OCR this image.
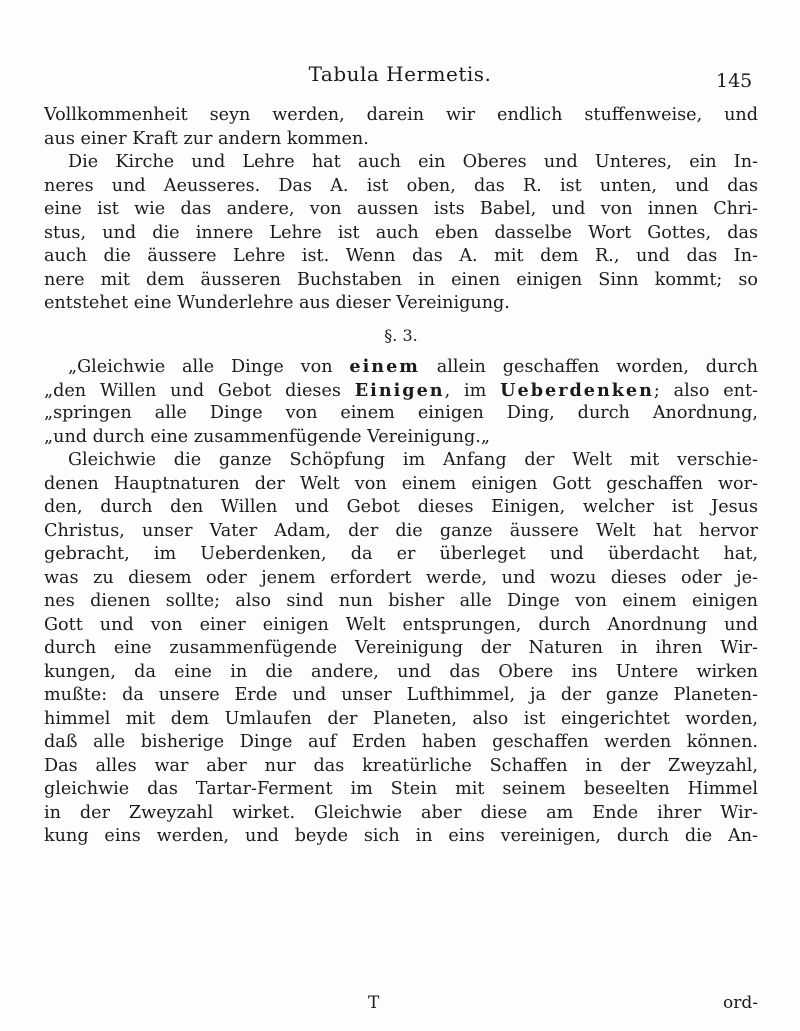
Tabula Hermetis.	145
Vollkommenheit seyn werden, darein wir endlich stuffenweise, und
aus einer Kraft zur andern kommen.
Die Kirche und Lehre hat auch ein Oberes und Unteres, ein In-
neres und Aeusseres. Das A. ist oben, das R. ist unten, und das
eine ist wie das andere, von aussen ists Babel, und von innen Chri-
stus, und die innere Lehre ist auch eben dasselbe Wort Gottes, das
auch die äussere Lehre ist. Wenn das A. mit dem R., und das In-
nere mit dem äusseren Buchstaben in einen einigen Sinn kommt; so
entstehet eine Wunderlehre aus dieser Vereinigung.
§. 3.
„Gleichwie alle Dinge von einem allein geschaffen worden, durch
„den Willen und Gebot dieses Einigen, im Ueberdenken; also ent-
„springen alle Dinge von einem einigen Ding, durch Anordnung,
„und durch eine zusammenfügende Vereinigung.„
Gleichwie die ganze Schöpfung im Anfang der Welt mit verschie-
denen Hauptnaturen der Welt von einem einigen Gott geschaffen wor-
den, durch den Willen und Gebot dieses Einigen, welcher ist Jesus
Christus, unser Vater Adam, der die ganze äussere Welt hat hervor
gebracht, im Ueberdenken, da er überleget und überdacht hat,
was zu diesem oder jenem erfordert werde, und wozu dieses oder je-
nes dienen sollte; also sind nun bisher alle Dinge von einem einigen
Gott und von einer einigen Welt entsprungen, durch Anordnung und
durch eine zusammenfügende Vereinigung der Naturen in ihren Wir-
kungen, da eine in die andere, und das Obere ins Untere wirken
mußte: da unsere Erde und unser Lufthimmel, ja der ganze Planeten-
himmel mit dem Umlaufen der Planeten, also ist eingerichtet worden,
daß alle bisherige Dinge auf Erden haben geschaffen werden können.
Das alles war aber nur das kreatürliche Schaffen in der Zweyzahl,
gleichwie das Tartar-Ferment im Stein mit seinem beseelten Himmel
in der Zweyzahl wirket. Gleichwie aber diese am Ende ihrer Wir-
kung eins werden, und beyde sich in eins vereinigen, durch die An-
T	ord-
